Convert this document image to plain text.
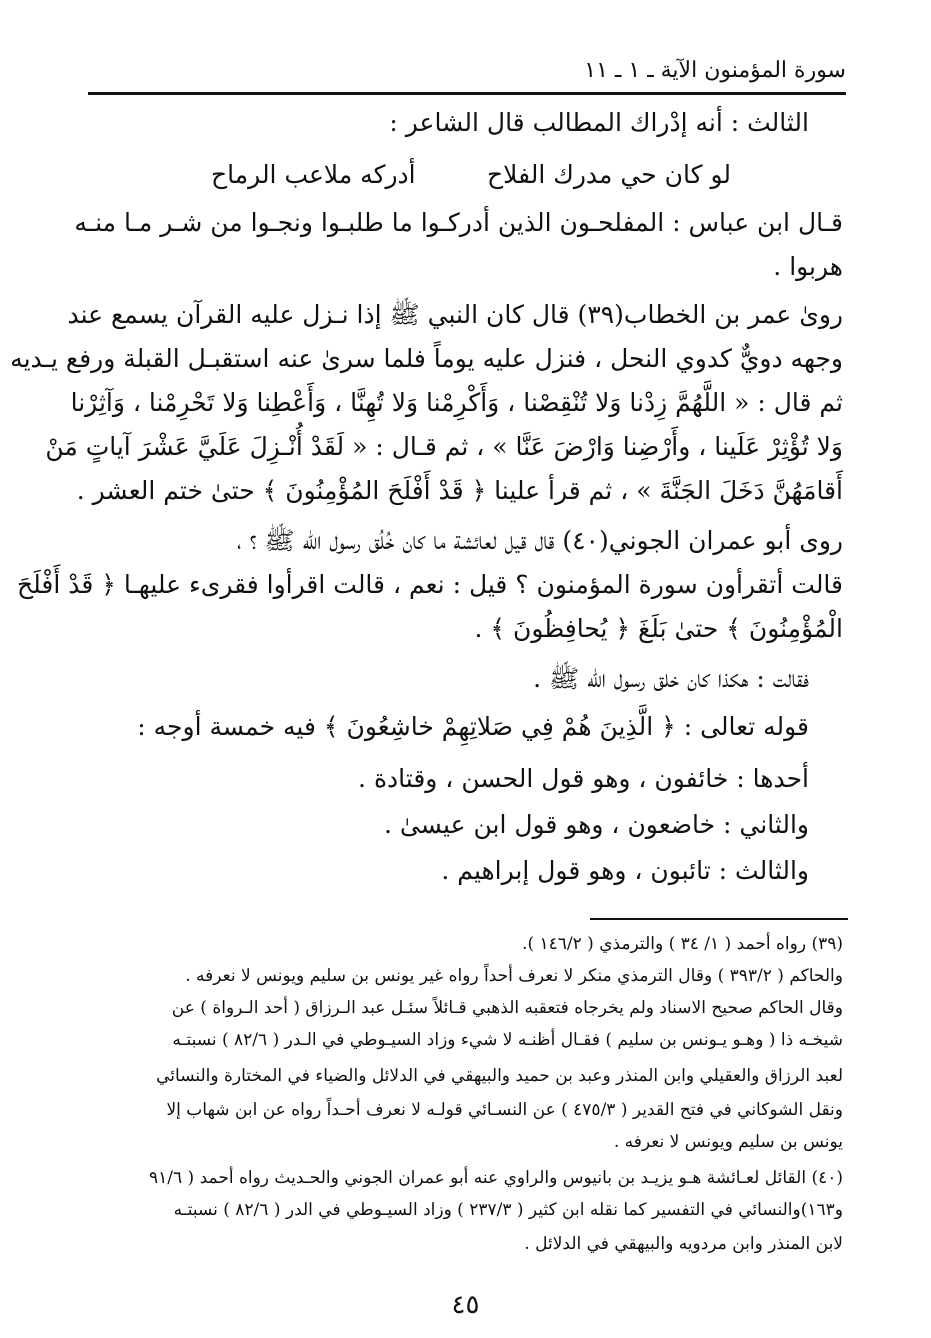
سورة المؤمنون الآية ـ ١ ـ ١١
الثالث : أنه إدْراك المطالب قال الشاعر :
لو كان حي مدرك الفلاح
أدركه ملاعب الرماح
قـال ابن عباس : المفلحـون الذين أدركـوا ما طلبـوا ونجـوا من شـر مـا منـه
هربوا .
روىٰ عمر بن الخطاب(٣٩) قال كان النبي ﷺ إذا نـزل عليه القرآن يسمع عند
وجهه دويٌّ كدوي النحل ، فنزل عليه يوماً فلما سرىٰ عنه استقبـل القبلة ورفع يـديه
ثم قال : « اللَّهُمَّ زِدْنا وَلا تُنْقِصْنا ، وَأَكْرِمْنا وَلا تُهِنَّا ، وَأَعْطِنا وَلا تَحْرِمْنا ، وَآثِرْنا
وَلا تُؤْثِرْ عَلَينا ، وأَرْضِنا وَارْضَ عَنَّا » ، ثم قـال : « لَقَدْ أُنْـزِلَ عَلَيَّ عَشْرَ آياتٍ مَنْ
أَقامَهُنَّ دَخَلَ الجَنَّةَ » ، ثم قرأ علينا ﴿ قَدْ أَفْلَحَ المُؤْمِنُونَ ﴾ حتىٰ ختم العشر .
روى أبو عمران الجوني(٤٠) قال قيل لعائشة ما كان خُلُق رسول الله ﷺ ؟ ،
قالت أتقرأون سورة المؤمنون ؟ قيل : نعم ، قالت اقرأوا فقرىء عليهـا ﴿ قَدْ أَفْلَحَ
الْمُؤْمِنُونَ ﴾ حتىٰ بَلَغَ ﴿ يُحافِظُونَ ﴾ .
فقالت : هكذا كان خلق رسول الله ﷺ .
قوله تعالى : ﴿ الَّذِينَ هُمْ فِي صَلاتِهِمْ خاشِعُونَ ﴾ فيه خمسة أوجه :
أحدها : خائفون ، وهو قول الحسن ، وقتادة .
والثاني : خاضعون ، وهو قول ابن عيسىٰ .
والثالث : تائبون ، وهو قول إبراهيم .
(٣٩) رواه أحمد ( ١/ ٣٤ ) والترمذي ( ١٤٦/٢ ).
والحاكم ( ٣٩٣/٢ ) وقال الترمذي منكر لا نعرف أحداً رواه غير يونس بن سليم ويونس لا نعرفه .
وقال الحاكم صحيح الاسناد ولم يخرجاه فتعقبه الذهبي قـائلاً سئـل عبد الـرزاق ( أحد الـرواة ) عن
شيخـه ذا ( وهـو يـونس بن سليم ) فقـال أظنـه لا شيء وزاد السيـوطي في الـدر ( ٨٢/٦ ) نسبتـه
لعبد الرزاق والعقيلي وابن المنذر وعبد بن حميد والبيهقي في الدلائل والضياء في المختارة والنسائي
ونقل الشوكاني في فتح القدير ( ٤٧٥/٣ ) عن النسـائي قولـه لا نعرف أحـداً رواه عن ابن شهاب إلا
يونس بن سليم ويونس لا نعرفه .
(٤٠) القائل لعـائشة هـو يزيـد بن بانيوس والراوي عنه أبو عمران الجوني والحـديث رواه أحمد ( ٩١/٦
و١٦٣)والنسائي في التفسير كما نقله ابن كثير ( ٢٣٧/٣ ) وزاد السيـوطي في الدر ( ٨٢/٦ ) نسبتـه
لابن المنذر وابن مردويه والبيهقي في الدلائل .
٤٥
